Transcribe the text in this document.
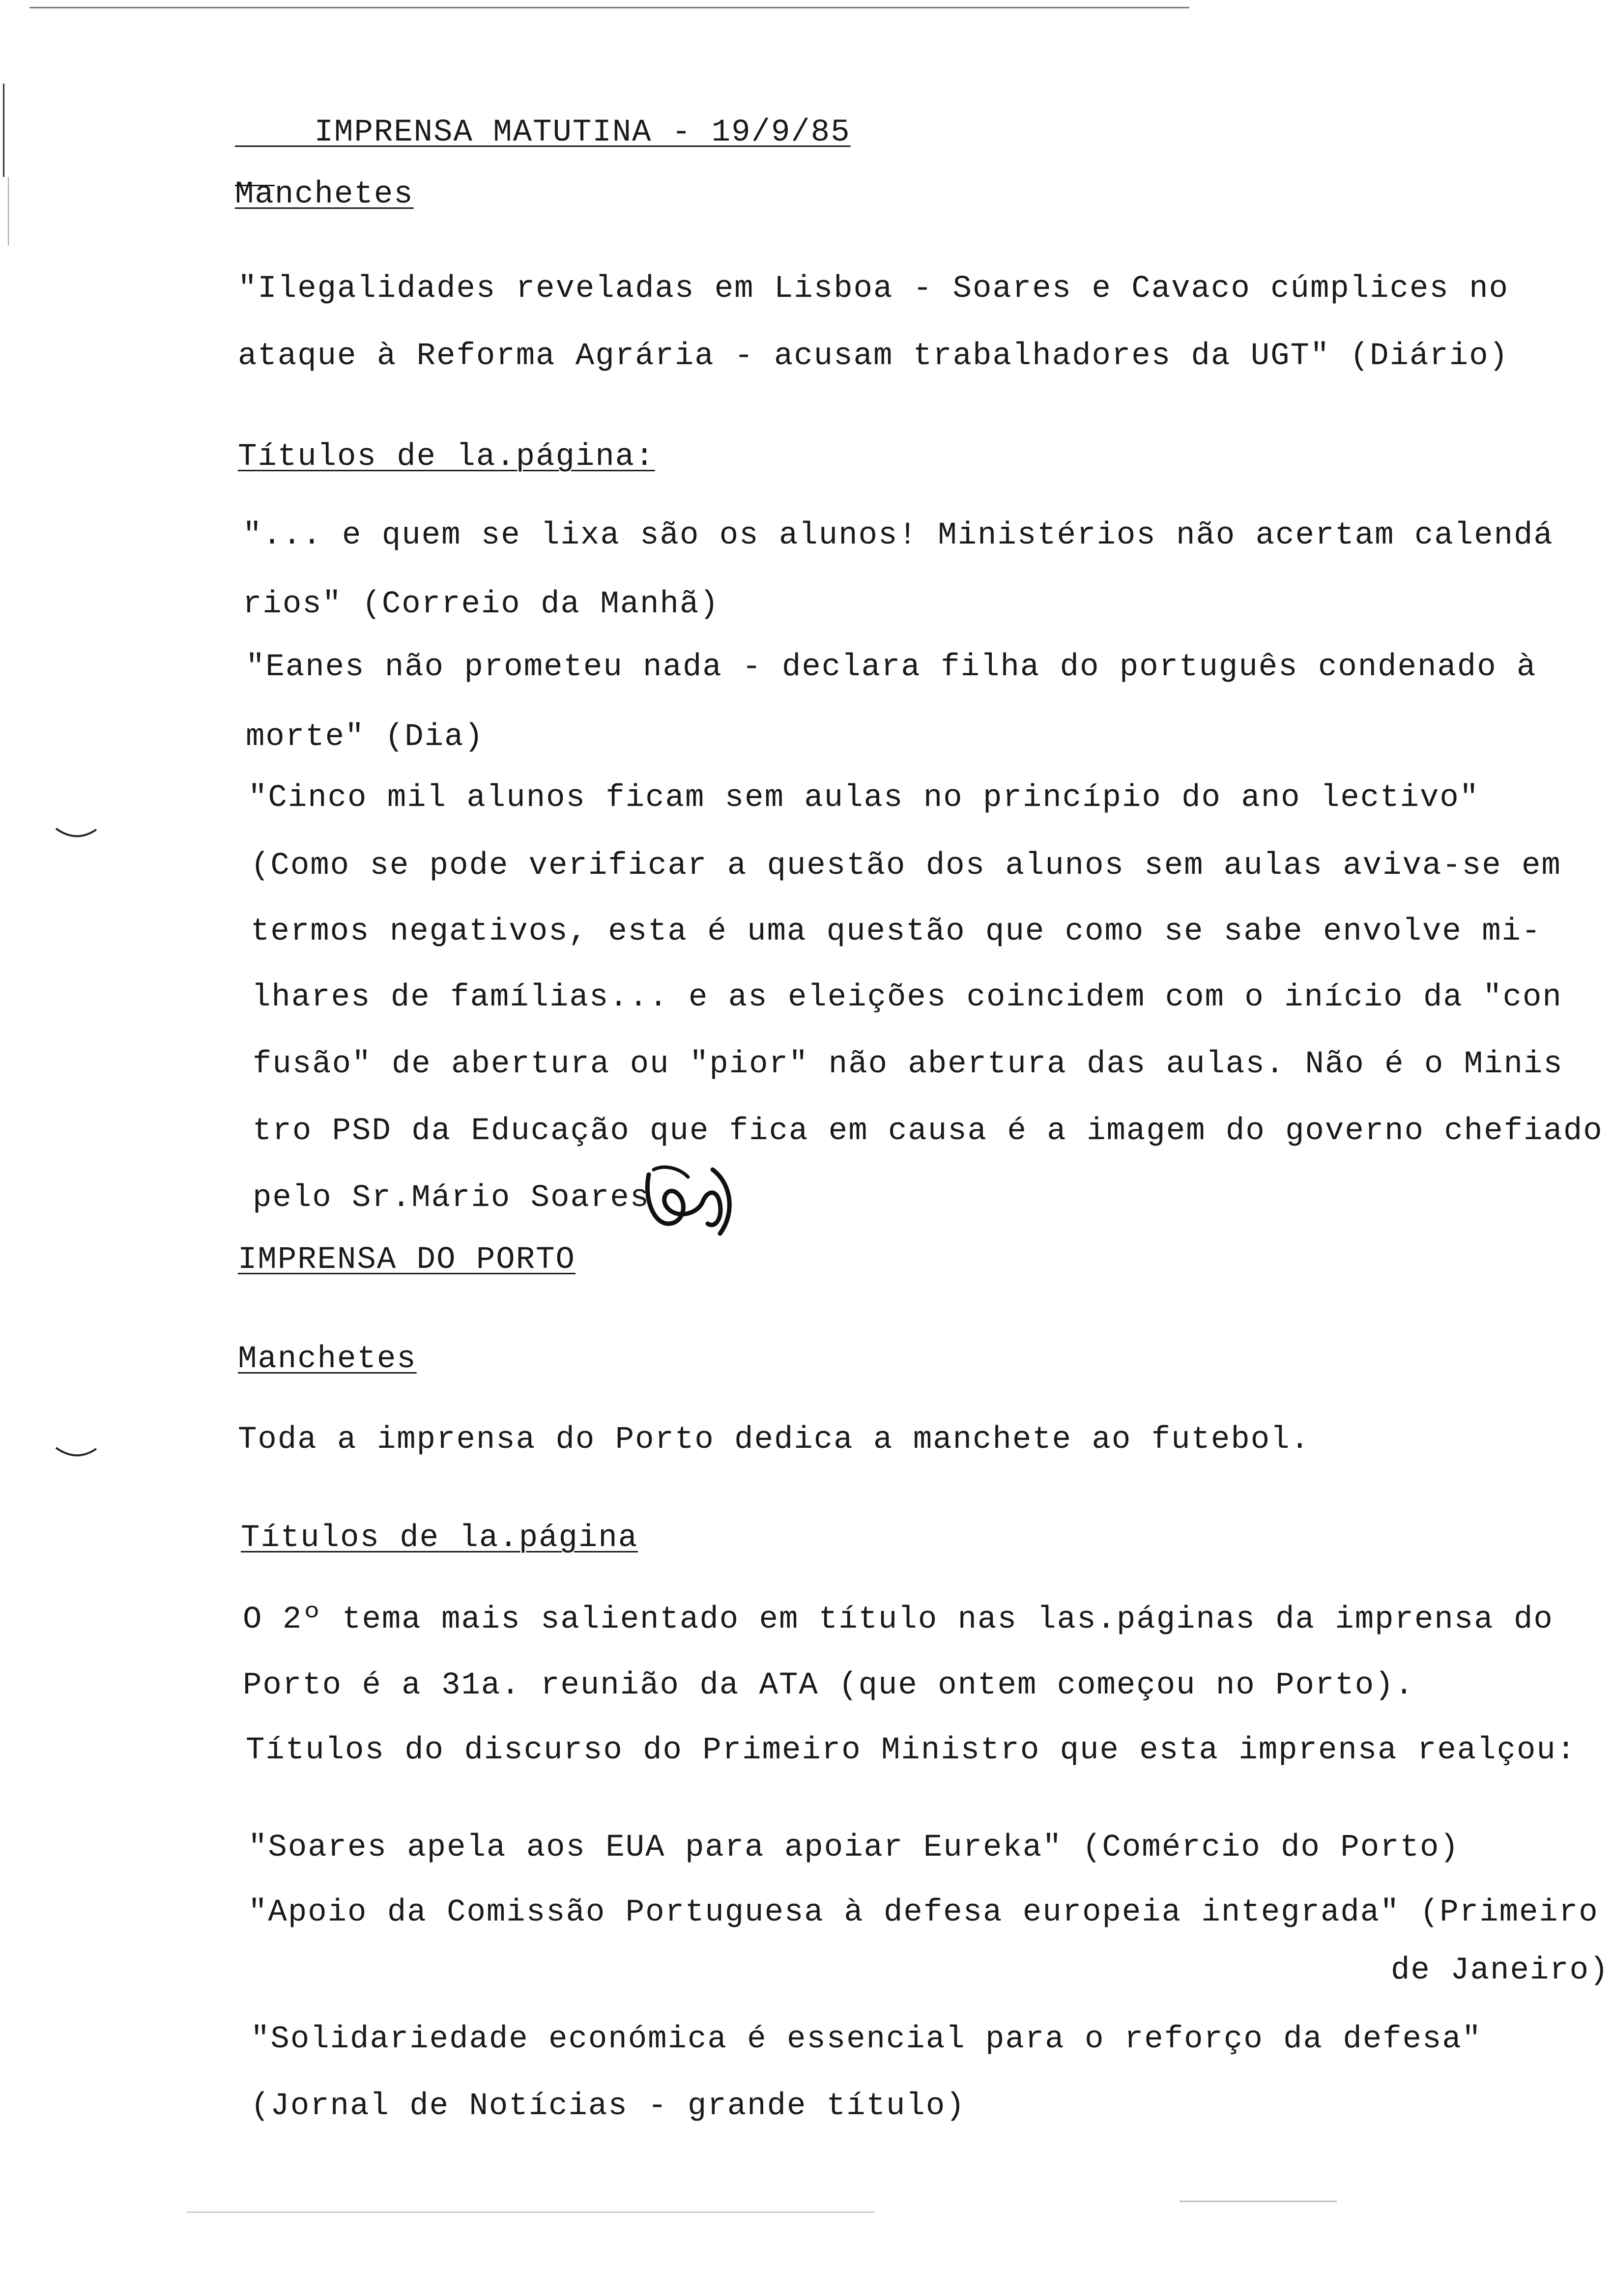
IMPRENSA MATUTINA - 19/9/85

Manchetes
"Ilegalidades reveladas em Lisboa - Soares e Cavaco cúmplices no
ataque à Reforma Agrária - acusam trabalhadores da UGT" (Diário)
Títulos de la.página:
"... e quem se lixa são os alunos! Ministérios não acertam calendá
rios" (Correio da Manhã)
"Eanes não prometeu nada - declara filha do português condenado à
morte" (Dia)
"Cinco mil alunos ficam sem aulas no princípio do ano lectivo"
(Como se pode verificar a questão dos alunos sem aulas aviva-se em
termos negativos, esta é uma questão que como se sabe envolve mi-
lhares de famílias... e as eleições coincidem com o início da "con
fusão" de abertura ou "pior" não abertura das aulas. Não é o Minis
tro PSD da Educação que fica em causa é a imagem do governo chefiado
pelo Sr.Mário Soares
IMPRENSA DO PORTO
Manchetes
Toda a imprensa do Porto dedica a manchete ao futebol.
Títulos de la.página
O 2º tema mais salientado em título nas las.páginas da imprensa do
Porto é a 31a. reunião da ATA (que ontem começou no Porto).
Títulos do discurso do Primeiro Ministro que esta imprensa realçou:
"Soares apela aos EUA para apoiar Eureka" (Comércio do Porto)
"Apoio da Comissão Portuguesa à defesa europeia integrada" (Primeiro
de Janeiro)
"Solidariedade económica é essencial para o reforço da defesa"
(Jornal de Notícias - grande título)
